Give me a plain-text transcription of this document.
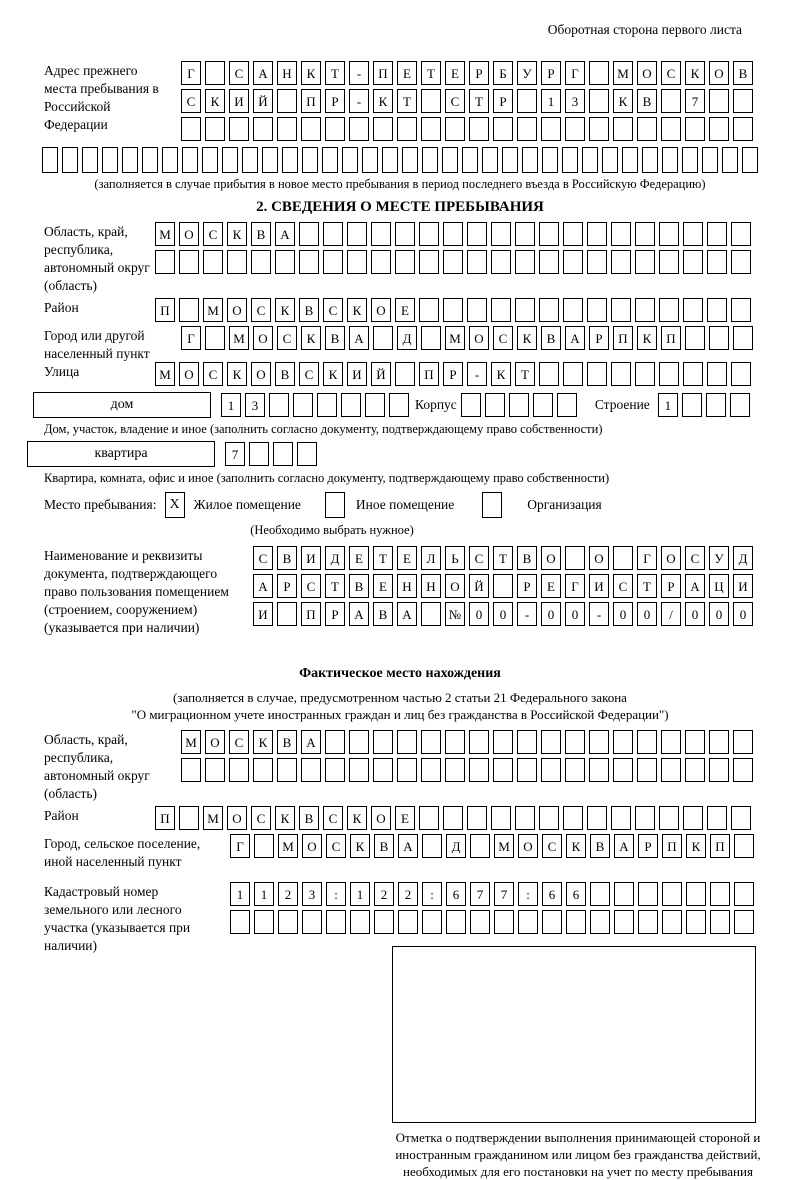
Оборотная сторона первого листа
Адрес прежнего места пребывания в Российской Федерации
Г	С	А	Н	К	Т	-	П	Е	Т	Е	Р	Б	У	Р	Г	М	О	С	К	О	В
С	К	И	Й	П	Р	-	К	Т	С	Т	Р	1	3	К	В	7
(заполняется в случае прибытия в новое место пребывания в период последнего въезда в Российскую Федерацию)
2. СВЕДЕНИЯ О МЕСТЕ ПРЕБЫВАНИЯ
Область, край, республика, автономный округ (область)
М	О	С	К	В	А
Район	П	М	О	С	К	В	С	К	О	Е
Город или другой населенный пункт
Г	М	О	С	К	В	А	Д	М	О	С	К	В	А	Р	П	К	П
Улица	М	О	С	К	О	В	С	К	И	Й	П	Р	-	К	Т
дом	1	3	Корпус	Строение	1
Дом, участок, владение и иное (заполнить согласно документу, подтверждающему право собственности)
квартира	7
Квартира, комната, офис и иное (заполнить согласно документу, подтверждающему право собственности)
Место пребывания: X	Жилое помещение	Иное помещение	Организация
(Необходимо выбрать нужное)
Наименование и реквизиты документа, подтверждающего право пользования помещением (строением, сооружением) (указывается при наличии)
С	В	И	Д	Е	Т	Е	Л	Ь	С	Т	В	О	О	Г	О	С	У	Д
А	Р	С	Т	В	Е	Н	Н	О	Й	Р	Е	Г	И	С	Т	Р	А	Ц	И
И	П	Р	А	В	А	№	0	0	-	0	0	-	0	0	/	0	0	0
Фактическое место нахождения
(заполняется в случае, предусмотренном частью 2 статьи 21 Федерального закона
"О миграционном учете иностранных граждан и лиц без гражданства в Российской Федерации")
Область, край, республика, автономный округ (область)
М	О	С	К	В	А
Район	П	М	О	С	К	В	С	К	О	Е
Город, сельское поселение, иной населенный пункт
Г	М	О	С	К	В	А	Д	М	О	С	К	В	А	Р	П	К	П
Кадастровый номер земельного или лесного участка (указывается при наличии)
1	1	2	3	:	1	2	2	:	6	7	7	:	6	6
Отметка о подтверждении выполнения принимающей стороной и иностранным гражданином или лицом без гражданства действий, необходимых для его постановки на учет по месту пребывания
